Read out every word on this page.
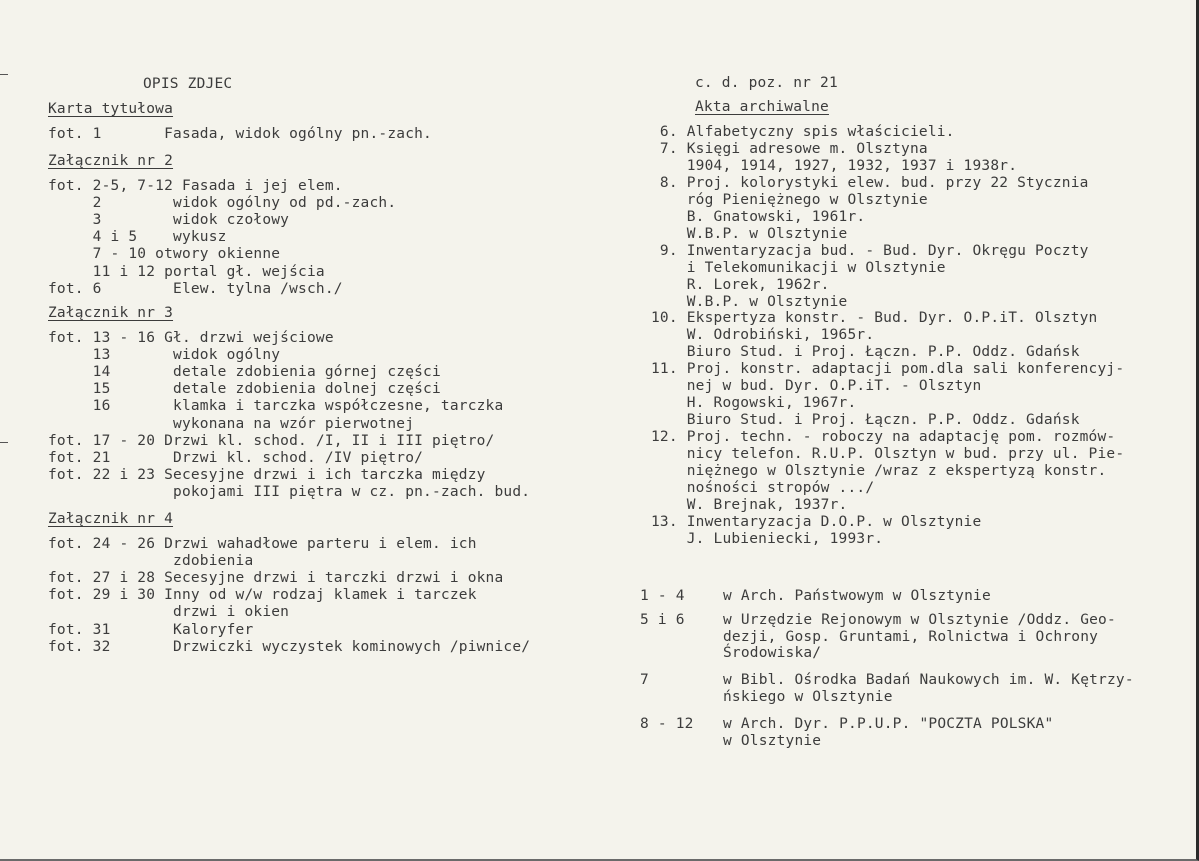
OPIS ZDJEC
Karta tytułowa
fot. 1       Fasada, widok ogólny pn.-zach.
Załącznik nr 2
fot. 2-5, 7-12 Fasada i jej elem.
2        widok ogólny od pd.-zach.
3        widok czołowy
4 i 5    wykusz
7 - 10 otwory okienne
11 i 12 portal gł. wejścia
fot. 6        Elew. tylna /wsch./
Załącznik nr 3
fot. 13 - 16 Gł. drzwi wejściowe
13       widok ogólny
14       detale zdobienia górnej części
15       detale zdobienia dolnej części
16       klamka i tarczka współczesne, tarczka
wykonana na wzór pierwotnej
fot. 17 - 20 Drzwi kl. schod. /I, II i III piętro/
fot. 21       Drzwi kl. schod. /IV piętro/
fot. 22 i 23 Secesyjne drzwi i ich tarczka między
pokojami III piętra w cz. pn.-zach. bud.
Załącznik nr 4
fot. 24 - 26 Drzwi wahadłowe parteru i elem. ich
zdobienia
fot. 27 i 28 Secesyjne drzwi i tarczki drzwi i okna
fot. 29 i 30 Inny od w/w rodzaj klamek i tarczek
drzwi i okien
fot. 31       Kaloryfer
fot. 32       Drzwiczki wyczystek kominowych /piwnice/
c. d. poz. nr 21
Akta archiwalne
6. Alfabetyczny spis właścicieli.
7. Księgi adresowe m. Olsztyna
1904, 1914, 1927, 1932, 1937 i 1938r.
8. Proj. kolorystyki elew. bud. przy 22 Stycznia
róg Pieniężnego w Olsztynie
B. Gnatowski, 1961r.
W.B.P. w Olsztynie
9. Inwentaryzacja bud. - Bud. Dyr. Okręgu Poczty
i Telekomunikacji w Olsztynie
R. Lorek, 1962r.
W.B.P. w Olsztynie
10. Ekspertyza konstr. - Bud. Dyr. O.P.iT. Olsztyn
W. Odrobiński, 1965r.
Biuro Stud. i Proj. Łączn. P.P. Oddz. Gdańsk
11. Proj. konstr. adaptacji pom.dla sali konferencyj-
nej w bud. Dyr. O.P.iT. - Olsztyn
H. Rogowski, 1967r.
Biuro Stud. i Proj. Łączn. P.P. Oddz. Gdańsk
12. Proj. techn. - roboczy na adaptację pom. rozmów-
nicy telefon. R.U.P. Olsztyn w bud. przy ul. Pie-
niężnego w Olsztynie /wraz z ekspertyzą konstr.
nośności stropów .../
W. Brejnak, 1937r.
13. Inwentaryzacja D.O.P. w Olsztynie
J. Lubieniecki, 1993r.
1 - 4	w Arch. Państwowym w Olsztynie
5 i 6	w Urzędzie Rejonowym w Olsztynie /Oddz. Geo-
dezji, Gosp. Gruntami, Rolnictwa i Ochrony
Środowiska/
7	w Bibl. Ośrodka Badań Naukowych im. W. Kętrzy-
ńskiego w Olsztynie
8 - 12 w Arch. Dyr. P.P.U.P. "POCZTA POLSKA"
w Olsztynie
